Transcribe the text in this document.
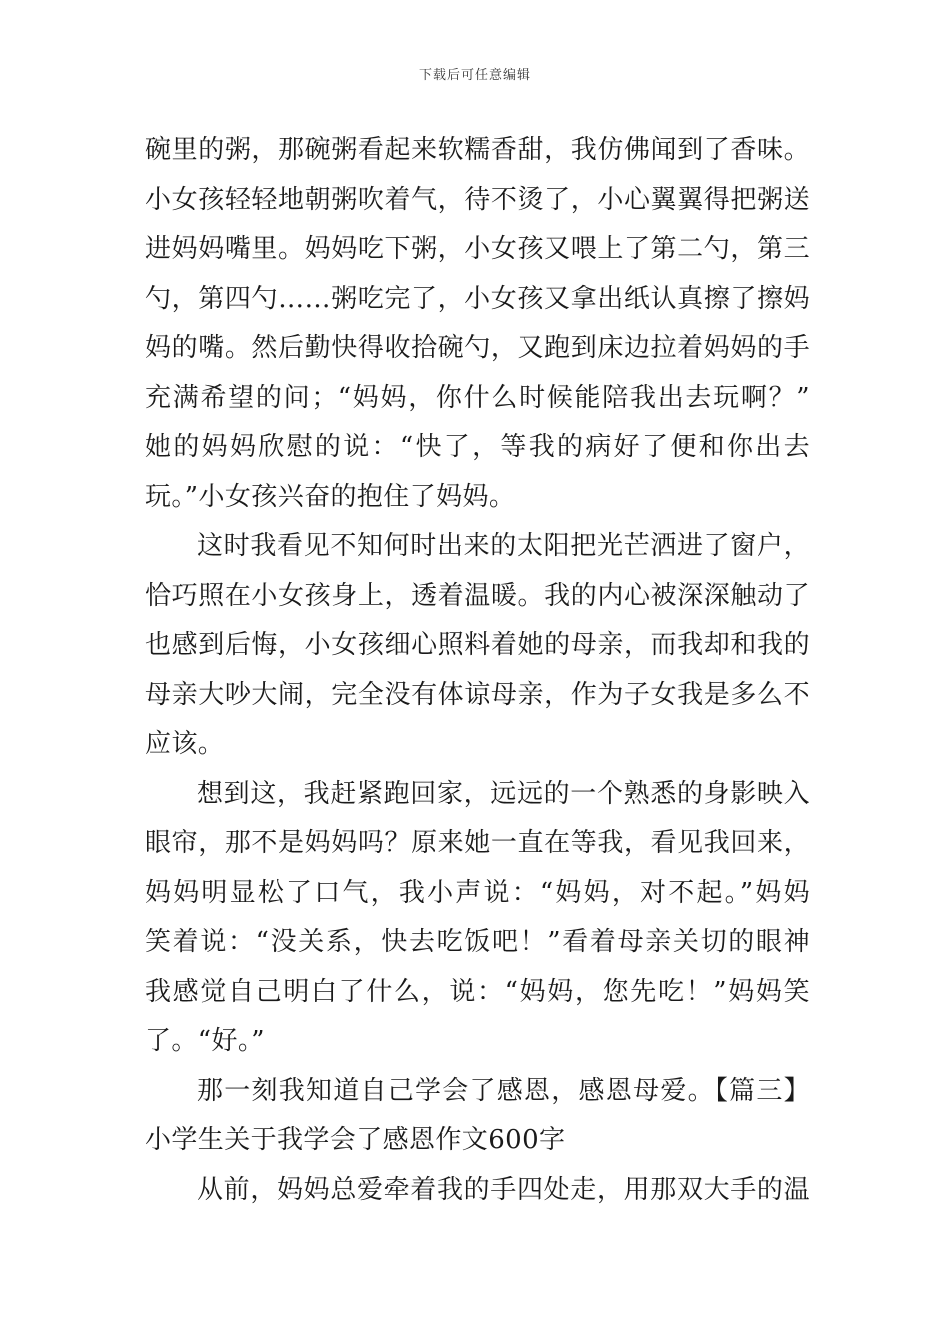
下载后可任意编辑
碗里的粥，那碗粥看起来软糯香甜，我仿佛闻到了香味。
小女孩轻轻地朝粥吹着气，待不烫了，小心翼翼得把粥送
进妈妈嘴里。妈妈吃下粥，小女孩又喂上了第二勺，第三
勺，第四勺……粥吃完了，小女孩又拿出纸认真擦了擦妈
妈的嘴。然后勤快得收拾碗勺，又跑到床边拉着妈妈的手
充满希望的问；“妈妈，你什么时候能陪我出去玩啊？”
她的妈妈欣慰的说：“快了，等我的病好了便和你出去
玩。”小女孩兴奋的抱住了妈妈。
这时我看见不知何时出来的太阳把光芒洒进了窗户，
恰巧照在小女孩身上，透着温暖。我的内心被深深触动了
也感到后悔，小女孩细心照料着她的母亲，而我却和我的
母亲大吵大闹，完全没有体谅母亲，作为子女我是多么不
应该。
想到这，我赶紧跑回家，远远的一个熟悉的身影映入
眼帘，那不是妈妈吗？原来她一直在等我，看见我回来，
妈妈明显松了口气，我小声说：“妈妈，对不起。”妈妈
笑着说：“没关系，快去吃饭吧！”看着母亲关切的眼神
我感觉自己明白了什么，说：“妈妈，您先吃！”妈妈笑
了。“好。”
那一刻我知道自己学会了感恩，感恩母爱。【篇三】
小学生关于我学会了感恩作文600字
从前，妈妈总爱牵着我的手四处走，用那双大手的温
